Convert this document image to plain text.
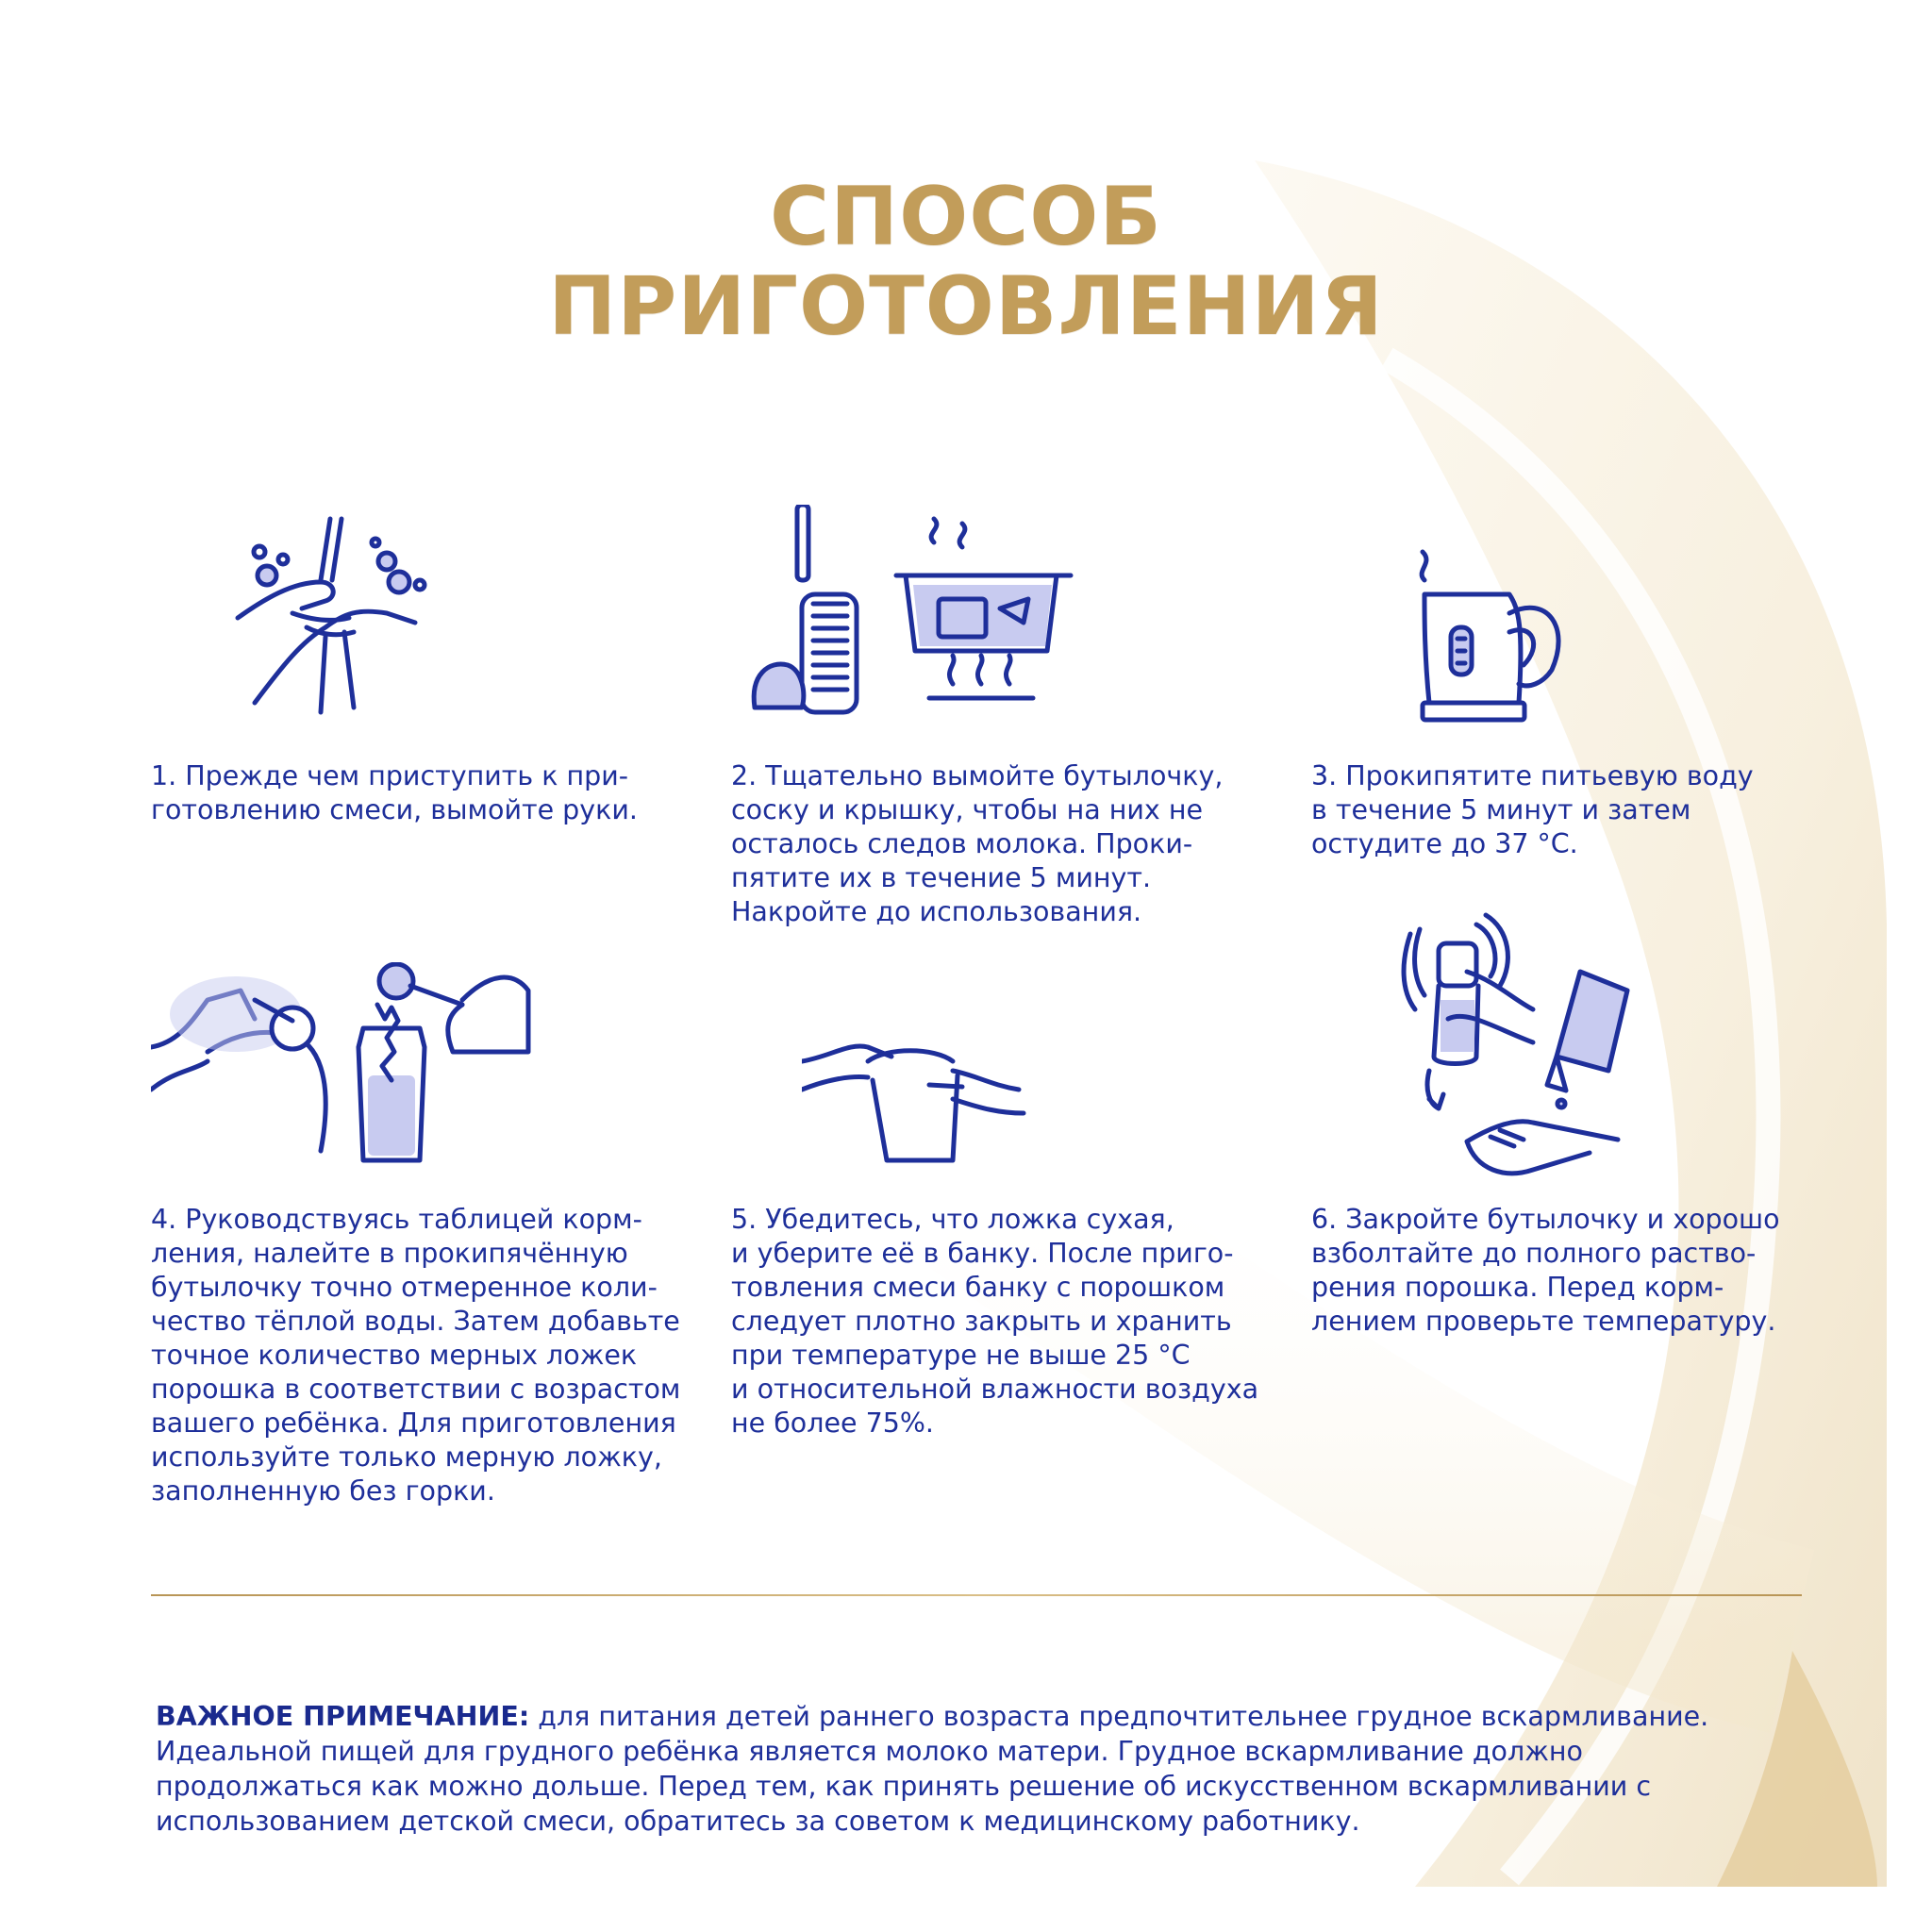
СПОСОБ
ПРИГОТОВЛЕНИЯ

1. Прежде чем приступить к при-
готовлению смеси, вымойте руки.

2. Тщательно вымойте бутылочку,
соску и крышку, чтобы на них не
осталось следов молока. Проки-
пятите их в течение 5 минут.
Накройте до использования.

3. Прокипятите питьевую воду
в течение 5 минут и затем
остудите до 37 °С.

4. Руководствуясь таблицей корм-
ления, налейте в прокипячённую
бутылочку точно отмеренное коли-
чество тёплой воды. Затем добавьте
точное количество мерных ложек
порошка в соответствии с возрастом
вашего ребёнка. Для приготовления
используйте только мерную ложку,
заполненную без горки.

5. Убедитесь, что ложка сухая,
и уберите её в банку. После приго-
товления смеси банку с порошком
следует плотно закрыть и хранить
при температуре не выше 25 °С
и относительной влажности воздуха
не более 75%.

6. Закройте бутылочку и хорошо
взболтайте до полного раство-
рения порошка. Перед корм-
лением проверьте температуру.

ВАЖНОЕ ПРИМЕЧАНИЕ: для питания детей раннего возраста предпочтительнее грудное вскармливание. Идеальной пищей для грудного ребёнка является молоко матери. Грудное вскармливание должно продолжаться как можно дольше. Перед тем, как принять решение об искусственном вскармливании с использованием детской смеси, обратитесь за советом к медицинскому работнику.
